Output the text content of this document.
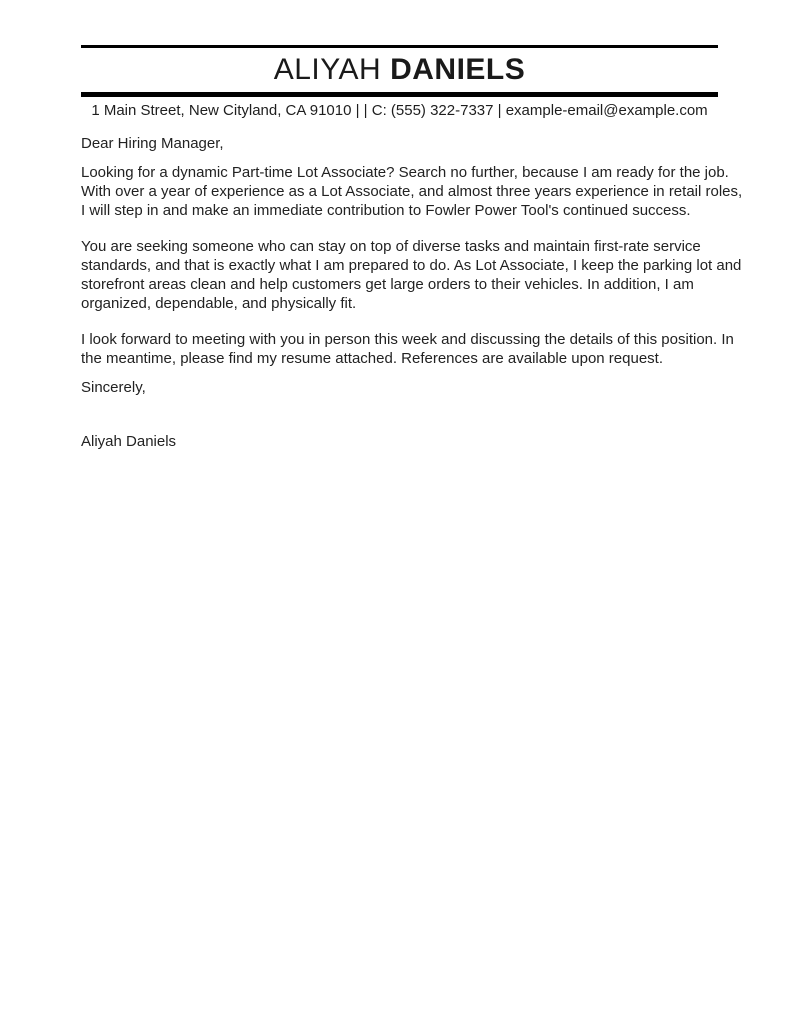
ALIYAH DANIELS
1 Main Street, New Cityland, CA 91010 | | C: (555) 322-7337 | example-email@example.com

Dear Hiring Manager,

Looking for a dynamic Part-time Lot Associate? Search no further, because I am ready for the job.
With over a year of experience as a Lot Associate, and almost three years experience in retail roles,
I will step in and make an immediate contribution to Fowler Power Tool's continued success.

You are seeking someone who can stay on top of diverse tasks and maintain first-rate service
standards, and that is exactly what I am prepared to do. As Lot Associate, I keep the parking lot and
storefront areas clean and help customers get large orders to their vehicles. In addition, I am
organized, dependable, and physically fit.

I look forward to meeting with you in person this week and discussing the details of this position. In
the meantime, please find my resume attached. References are available upon request.

Sincerely,

Aliyah Daniels
